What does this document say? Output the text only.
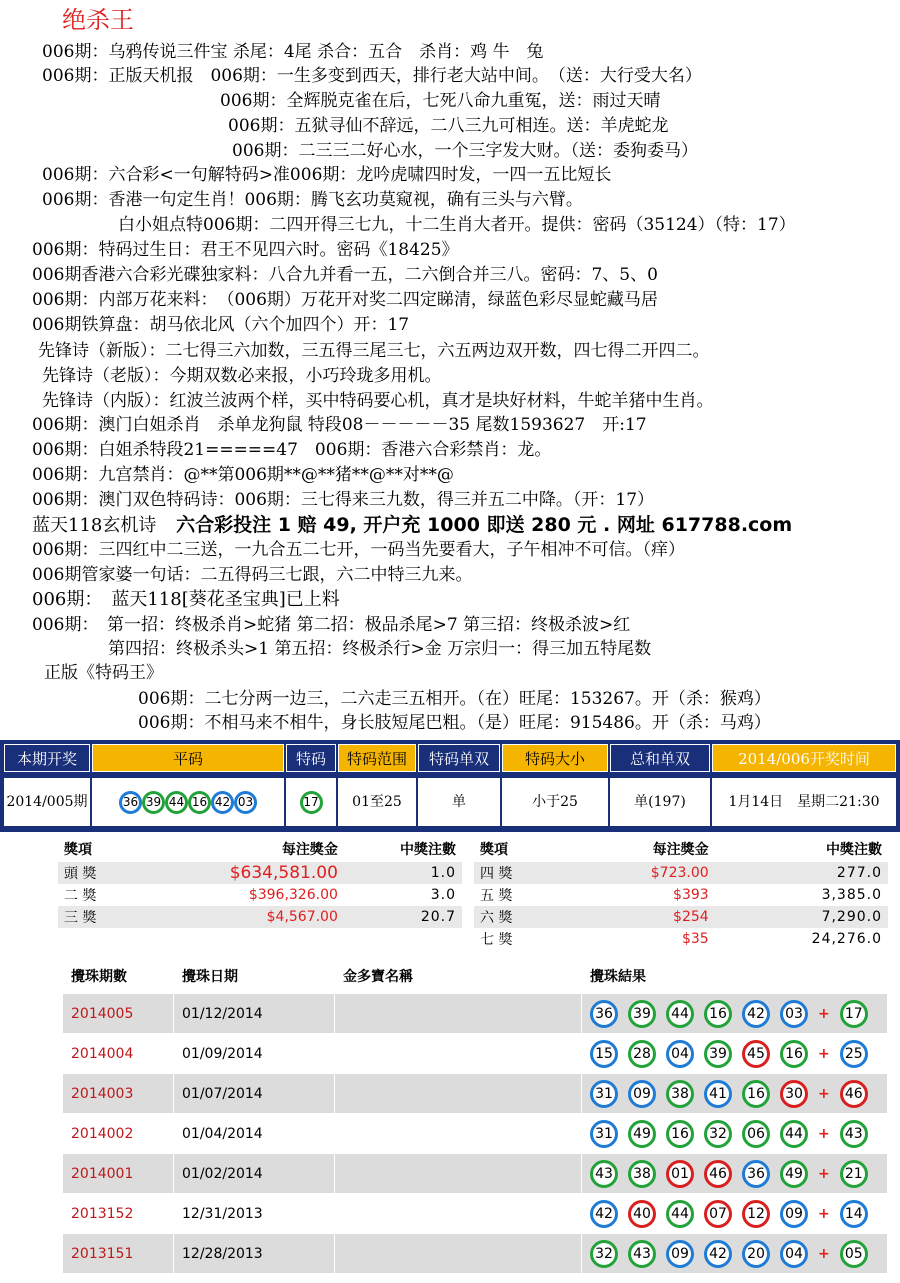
绝杀王
006期：乌鸦传说三件宝 杀尾：4尾 杀合：五合　杀肖：鸡 牛　兔
006期：正版天机报　006期：一生多变到西天，排行老大站中间。　（送：大行受大名）
006期：全辉脱克雀在后，七死八命九重冤，送：雨过天晴
006期：五狱寻仙不辞远，二八三九可相连。送：羊虎蛇龙
006期：二三三二好心水，一个三字发大财。（送：委狗委马）
006期：六合彩<一句解特码>准006期：龙吟虎啸四时发，一四一五比短长
006期：香港一句定生肖！006期：腾飞玄功莫窥视，确有三头与六臂。
白小姐点特006期：二四开得三七九，十二生肖大者开。提供：密码（35124）（特：17）
006期：特码过生日：君王不见四六时。密码《18425》
006期香港六合彩光碟独家料：八合九并看一五，二六倒合并三八。密码：7、5、0
006期：内部万花来料：　（006期）万花开对奖二四定睇清，绿蓝色彩尽显蛇藏马居
006期铁算盘：胡马依北风（六个加四个）开：17
先锋诗（新版）：二七得三六加数，三五得三尾三七，六五两边双开数，四七得二开四二。
先锋诗（老版）：今期双数必来报，小巧玲珑多用机。
先锋诗（内版）：红波兰波两个样，买中特码要心机，真才是块好材料，牛蛇羊猪中生肖。
006期：澳门白姐杀肖　杀单龙狗鼠 特段08－－－－－35 尾数1593627　开:17
006期：白姐杀特段21=====47　006期：香港六合彩禁肖：龙。
006期：九宫禁肖：@**第006期**@**猪**@**对**@
006期：澳门双色特码诗：006期：三七得来三九数，得三并五二中降。（开：17）
蓝天118玄机诗 六合彩投注 1 赔 49, 开户充 1000 即送 280 元 . 网址 617788.com
006期：三四红中二三送，一九合五二七开，一码当先要看大，子午相冲不可信。（痒）
006期管家婆一句话：二五得码三七跟，六二中特三九来。
006期：　蓝天118[葵花圣宝典]已上料
006期：　第一招：终极杀肖>蛇猪 第二招：极品杀尾>7 第三招：终极杀波>红
第四招：终极杀头>1 第五招：终极杀行>金 万宗归一：得三加五特尾数
正版《特码王》
006期：二七分两一边三，二六走三五相开。（在）旺尾：153267。开（杀：猴鸡）
006期：不相马来不相牛，身长肢短尾巴粗。（是）旺尾：915486。开（杀：马鸡）
本期开奖	平码	特码	特码范围	特码单双	特码大小	总和单双	2014/006开奖时间
2014/005期	36 39 44 16 42 03	17	01至25	单	小于25	单(197)	1月14日　星期二21:30
獎項	每注獎金	中獎注數
頭 獎	$634,581.00	1.0
二 獎	$396,326.00	3.0
三 獎	$4,567.00	20.7
獎項	每注獎金	中獎注數
四 獎	$723.00	277.0
五 獎	$393	3,385.0
六 獎	$254	7,290.0
七 獎	$35	24,276.0
攪珠期數	攪珠日期	金多寶名稱	攪珠結果
2014005	01/12/2014		36 39 44 16 42 03 + 17
2014004	01/09/2014		15 28 04 39 45 16 + 25
2014003	01/07/2014		31 09 38 41 16 30 + 46
2014002	01/04/2014		31 49 16 32 06 44 + 43
2014001	01/02/2014		43 38 01 46 36 49 + 21
2013152	12/31/2013		42 40 44 07 12 09 + 14
2013151	12/28/2013		32 43 09 42 20 04 + 05
